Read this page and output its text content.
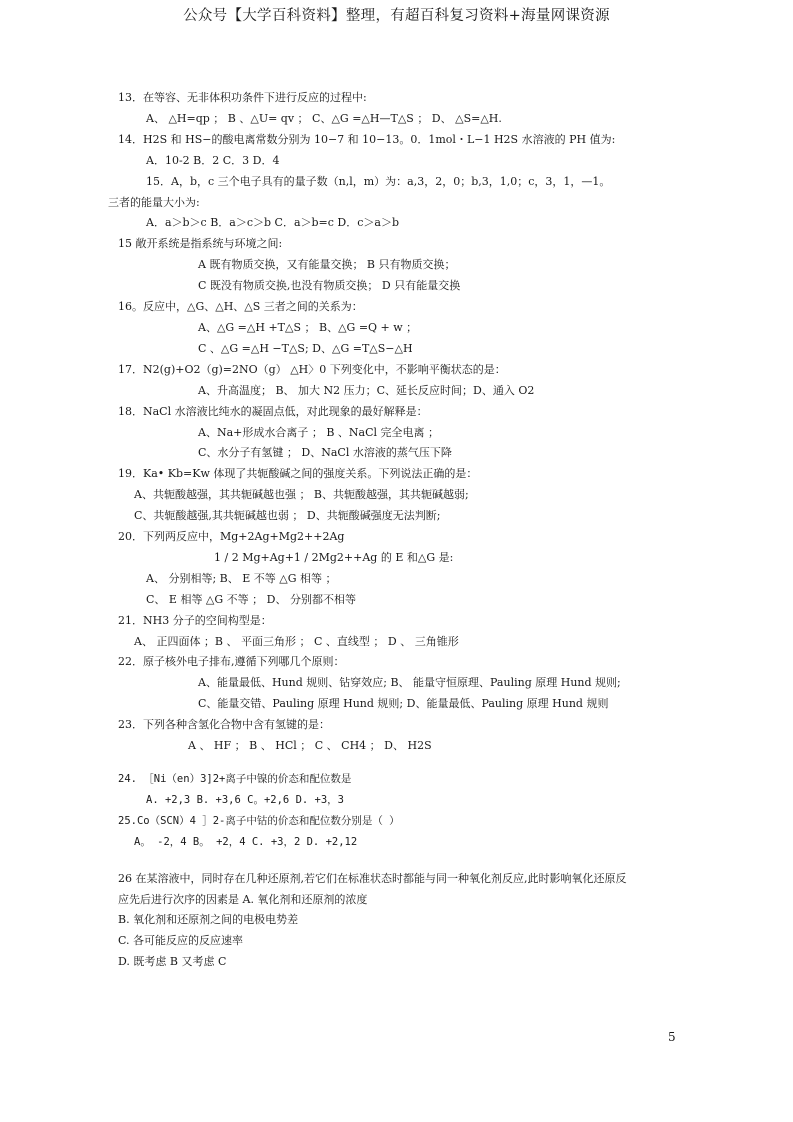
公众号【大学百科资料】整理，有超百科复习资料+海量网课资源
13．在等容、无非体积功条件下进行反应的过程中:
A、 △H=qp ； B 、△U= qv ； C、△G =△H—T△S ； D、 △S=△H.
14．H2S 和 HS−的酸电离常数分别为 10−7 和 10−13。0．1mol・L−1 H2S 水溶液的 PH 值为:
A．10-2 B．2 C．3 D．4
15．A，b，c 三个电子具有的量子数（n,l，m）为：a,3，2，0；b,3，1,0；c，3，1，—1。
三者的能量大小为:
A．a＞b＞c B．a＞c＞b C．a＞b=c D．c＞a＞b
15 敞开系统是指系统与环境之间:
A 既有物质交换，又有能量交换； B 只有物质交换；
C 既没有物质交换,也没有物质交换； D 只有能量交换
16。反应中，△G、△H、△S 三者之间的关系为：
A、△G =△H +T△S ； B、△G =Q + w ；
C 、△G =△H −T△S; D、△G =T△S−△H
17．N2(g)+O2（g)=2NO（g） △H〉0 下列变化中，不影响平衡状态的是：
A、升高温度； B、 加大 N2 压力；C、延长反应时间；D、通入 O2
18．NaCl 水溶液比纯水的凝固点低，对此现象的最好解释是：
A、Na+形成水合离子 ； B 、NaCl 完全电离 ；
C、水分子有氢键 ； D、NaCl 水溶液的蒸气压下降
19．Ka• Kb=Kw 体现了共轭酸碱之间的强度关系。下列说法正确的是：
A、共轭酸越强，其共轭碱越也强 ； B、共轭酸越强，其共轭碱越弱;
C、共轭酸越强,其共轭碱越也弱 ； D、共轭酸碱强度无法判断;
20．下列两反应中，Mg+2Ag+Mg2++2Ag
1 / 2 Mg+Ag+1 / 2Mg2++Ag 的 E 和△G 是:
A、 分别相等; B、 E 不等 △G 相等 ；
C、 E 相等 △G 不等 ； D、 分别都不相等
21．NH3 分子的空间构型是：
A、 正四面体 ；B 、 平面三角形 ； C 、直线型 ； D 、 三角锥形
22．原子核外电子排布,遵循下列哪几个原则：
A、能量最低、Hund 规则、钻穿效应; B、 能量守恒原理、Pauling 原理 Hund 规则;
C、能量交错、Pauling 原理 Hund 规则; D、能量最低、Pauling 原理 Hund 规则
23．下列各种含氢化合物中含有氢键的是：
A 、 HF ； B 、 HCl ； C 、 CH4 ； D、 H2S
24. ［Ni（en）3]2+离子中镍的价态和配位数是
A. +2,3 B. +3,6 C。+2,6 D. +3，3
25.Co（SCN）4 ］2-离子中钴的价态和配位数分别是（ ）
A。 -2，4 B。 +2，4 C. +3，2 D. +2,12
26 在某溶液中，同时存在几种还原剂,若它们在标准状态时都能与同一种氧化剂反应,此时影响氧化还原反
应先后进行次序的因素是 A. 氧化剂和还原剂的浓度
B. 氧化剂和还原剂之间的电极电势差
C. 各可能反应的反应速率
D. 既考虑 B 又考虑 C
5
